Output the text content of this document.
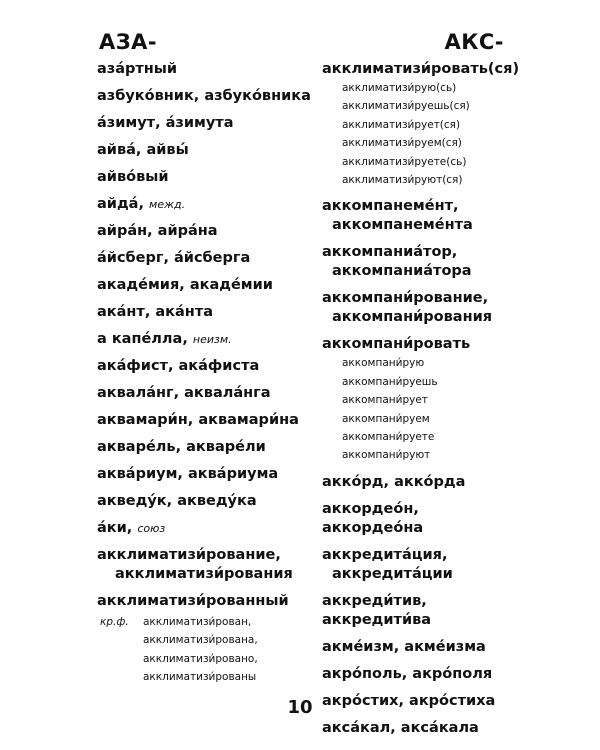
АЗА-	АКС-
аза́ртный
азбуко́вник, азбуко́вника
а́зимут, а́зимута
айва́, айвы́
айво́вый
айда́, межд.
айра́н, айра́на
а́йсберг, а́йсберга
акаде́мия, акаде́мии
ака́нт, ака́нта
а капе́лла, неизм.
ака́фист, ака́фиста
аквала́нг, аквала́нга
аквамари́н, аквамари́на
акваре́ль, акваре́ли
аква́риум, аква́риума
акведу́к, акведу́ка
а́ки, союз
акклиматизи́рование,
акклиматизи́рования
акклиматизи́рованный
кр.ф.	акклиматизи́рован,
акклиматизи́рована,
акклиматизи́ровано,
акклиматизи́рованы
акклиматизи́ровать(ся)
акклиматизи́рую(сь)
акклиматизи́руешь(ся)
акклиматизи́рует(ся)
акклиматизи́руем(ся)
акклиматизи́руете(сь)
акклиматизи́руют(ся)
аккомпанеме́нт,
аккомпанеме́нта
аккомпаниа́тор,
аккомпаниа́тора
аккомпани́рование,
аккомпани́рования
аккомпани́ровать
аккомпани́рую
аккомпани́руешь
аккомпани́рует
аккомпани́руем
аккомпани́руете
аккомпани́руют
акко́рд, акко́рда
аккордео́н, аккордео́на
аккредита́ция,
аккредита́ции
аккреди́тив, аккредити́ва
акме́изм, акме́изма
акро́поль, акро́поля
акро́стих, акро́стиха
акса́кал, акса́кала
10
